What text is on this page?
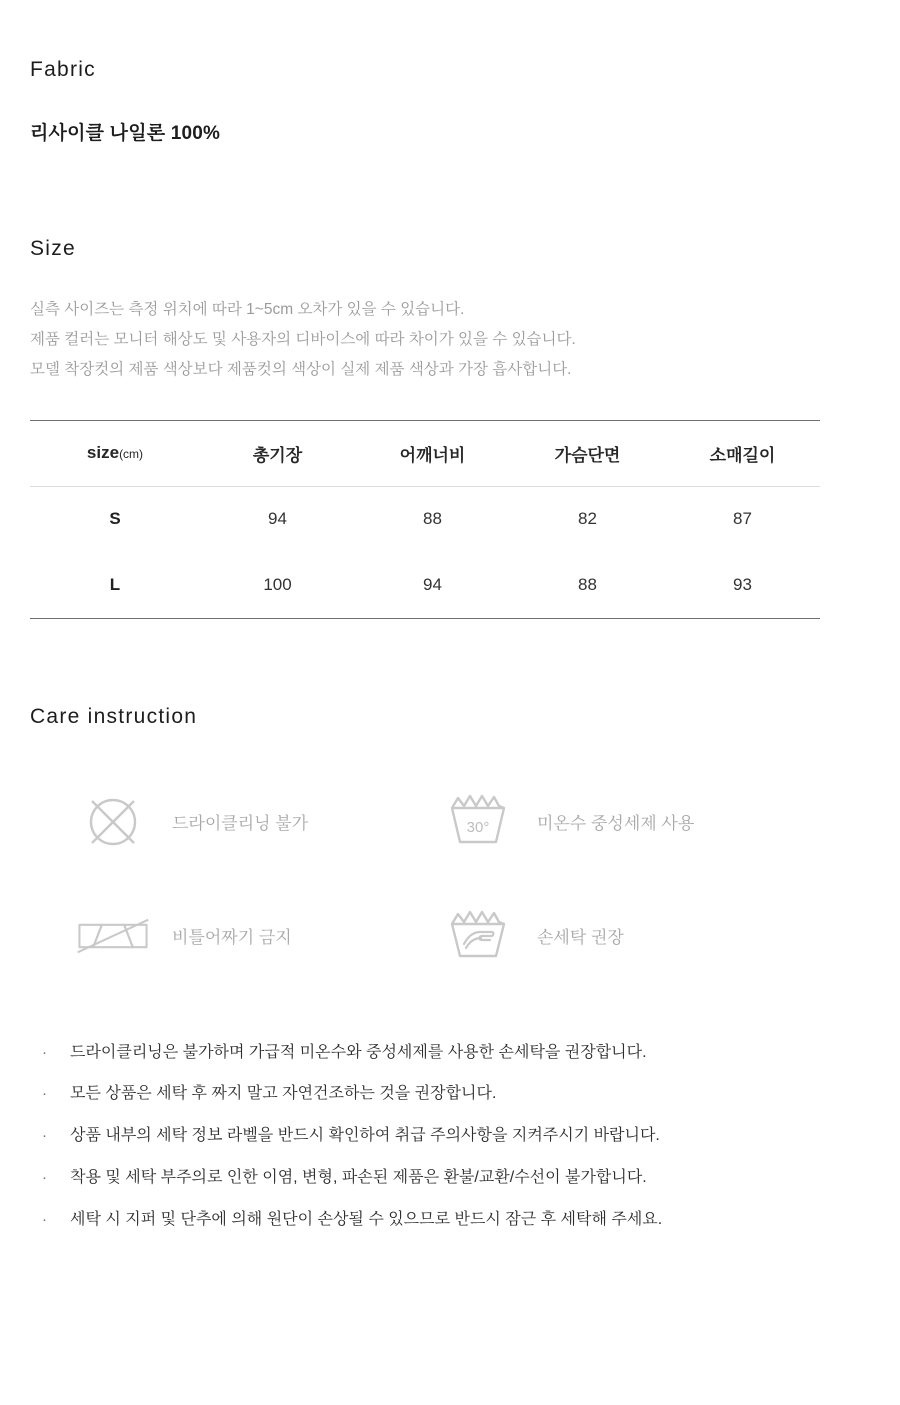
Fabric
리사이클 나일론 100%
Size

실측 사이즈는 측정 위치에 따라 1~5cm 오차가 있을 수 있습니다.

제품 컬러는 모니터 해상도 및 사용자의 디바이스에 따라 차이가 있을 수 있습니다.

모델 착장컷의 제품 색상보다 제품컷의 색상이 실제 제품 색상과 가장 흡사합니다.

size(cm)	총기장	어깨너비	가슴단면	소매길이
S	94	88	82	87
L	100	94	88	93
Care instruction
드라이클리닝 불가	30°	미온수 중성세제 사용
비틀어짜기 금지	손세탁 권장
·	드라이클리닝은 불가하며 가급적 미온수와 중성세제를 사용한 손세탁을 권장합니다.
·	모든 상품은 세탁 후 짜지 말고 자연건조하는 것을 권장합니다.
·	상품 내부의 세탁 정보 라벨을 반드시 확인하여 취급 주의사항을 지켜주시기 바랍니다.
·	착용 및 세탁 부주의로 인한 이염, 변형, 파손된 제품은 환불/교환/수선이 불가합니다.
·	세탁 시 지퍼 및 단추에 의해 원단이 손상될 수 있으므로 반드시 잠근 후 세탁해 주세요.
